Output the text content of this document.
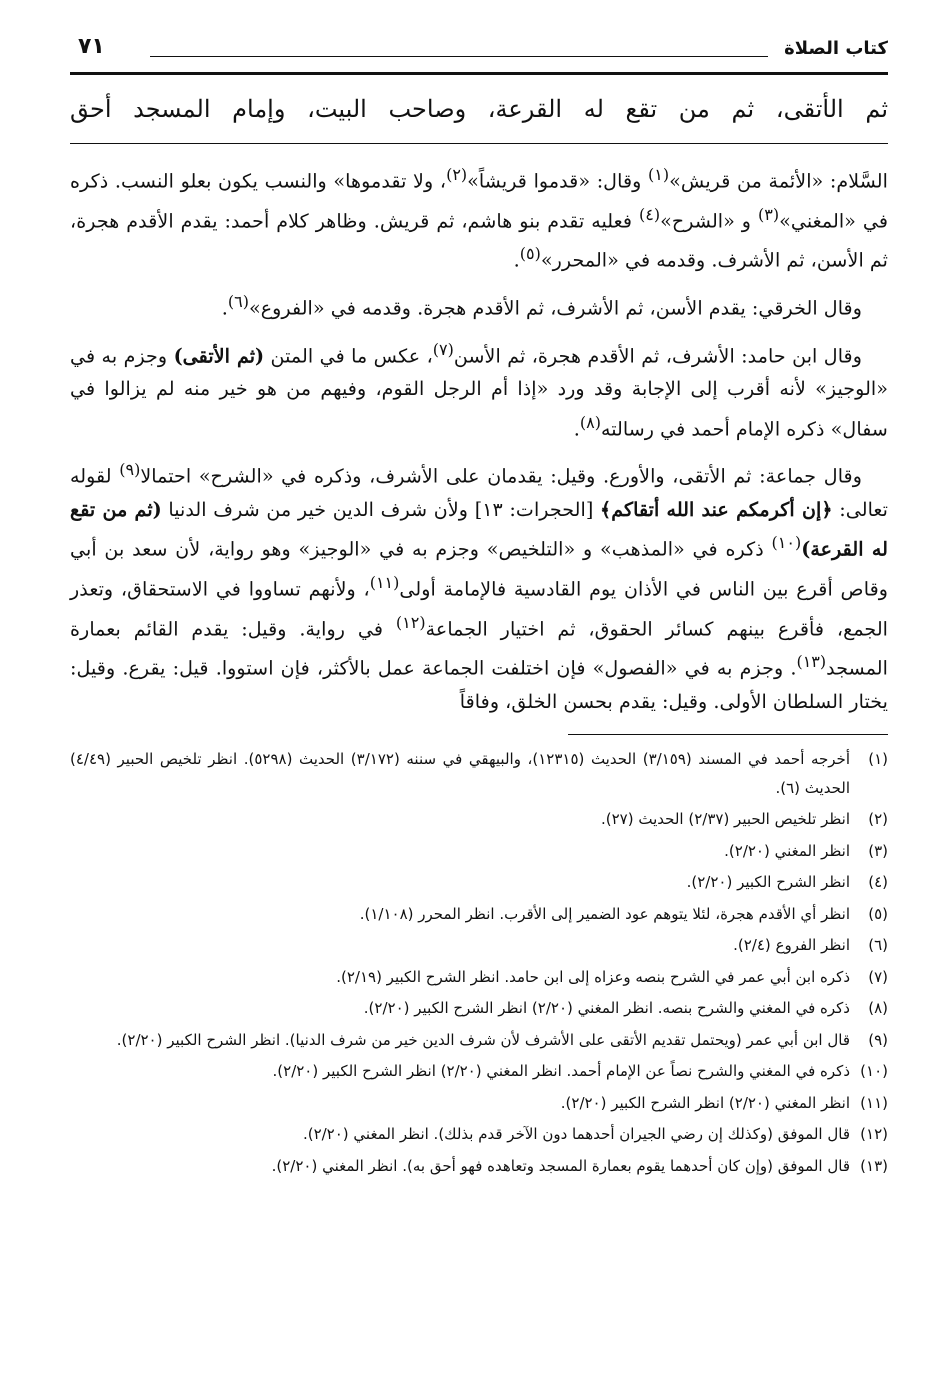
كتاب الصلاة
٧١
ثم الأتقى، ثم من تقع له القرعة، وصاحب البيت، وإمام المسجد أحق

السَّلام: «الأئمة من قريش»$^{(١)}$ وقال: «قدموا قريشاً»$^{(٢)}$، ولا تقدموها» والنسب يكون بعلو النسب. ذكره في «المغني»$^{(٣)}$ و «الشرح»$^{(٤)}$ فعليه تقدم بنو هاشم، ثم قريش. وظاهر كلام أحمد: يقدم الأقدم هجرة، ثم الأسن، ثم الأشرف. وقدمه في «المحرر»$^{(٥)}$.

وقال الخرقي: يقدم الأسن، ثم الأشرف، ثم الأقدم هجرة. وقدمه في «الفروع»$^{(٦)}$.

وقال ابن حامد: الأشرف، ثم الأقدم هجرة، ثم الأسن$^{(٧)}$، عكس ما في المتن (ثم الأتقى) وجزم به في «الوجيز» لأنه أقرب إلى الإجابة وقد ورد «إذا أم الرجل القوم، وفيهم من هو خير منه لم يزالوا في سفال» ذكره الإمام أحمد في رسالته$^{(٨)}$.

وقال جماعة: ثم الأتقى، والأورع. وقيل: يقدمان على الأشرف، وذكره في «الشرح» احتمالا$^{(٩)}$ لقوله تعالى: ﴿إن أكرمكم عند الله أتقاكم﴾ [الحجرات: ١٣] ولأن شرف الدين خير من شرف الدنيا (ثم من تقع له القرعة)$^{(١٠)}$ ذكره في «المذهب» و «التلخيص» وجزم به في «الوجيز» وهو رواية، لأن سعد بن أبي وقاص أقرع بين الناس في الأذان يوم القادسية فالإمامة أولى$^{(١١)}$، ولأنهم تساووا في الاستحقاق، وتعذر الجمع، فأقرع بينهم كسائر الحقوق، ثم اختيار الجماعة$^{(١٢)}$ في رواية. وقيل: يقدم القائم بعمارة المسجد$^{(١٣)}$. وجزم به في «الفصول» فإن اختلفت الجماعة عمل بالأكثر، فإن استووا. قيل: يقرع. وقيل: يختار السلطان الأولى. وقيل: يقدم بحسن الخلق، وفاقاً

(١)
أخرجه أحمد في المسند (٣/١٥٩) الحديث (١٢٣١٥)، والبيهقي في سننه (٣/١٧٢) الحديث (٥٢٩٨). انظر تلخيص الحبير (٤/٤٩) الحديث (٦).
(٢)
انظر تلخيص الحبير (٢/٣٧) الحديث (٢٧).
(٣)
انظر المغني (٢/٢٠).
(٤)
انظر الشرح الكبير (٢/٢٠).
(٥)
انظر أي الأقدم هجرة، لئلا يتوهم عود الضمير إلى الأقرب. انظر المحرر (١/١٠٨).
(٦)
انظر الفروع (٢/٤).
(٧)
ذكره ابن أبي عمر في الشرح بنصه وعزاه إلى ابن حامد. انظر الشرح الكبير (٢/١٩).
(٨)
ذكره في المغني والشرح بنصه. انظر المغني (٢/٢٠) انظر الشرح الكبير (٢/٢٠).
(٩)
قال ابن أبي عمر (ويحتمل تقديم الأتقى على الأشرف لأن شرف الدين خير من شرف الدنيا). انظر الشرح الكبير (٢/٢٠).
(١٠)
ذكره في المغني والشرح نصاً عن الإمام أحمد. انظر المغني (٢/٢٠) انظر الشرح الكبير (٢/٢٠).
(١١)
انظر المغني (٢/٢٠) انظر الشرح الكبير (٢/٢٠).
(١٢)
قال الموفق (وكذلك إن رضي الجيران أحدهما دون الآخر قدم بذلك). انظر المغني (٢/٢٠).
(١٣)
قال الموفق (وإن كان أحدهما يقوم بعمارة المسجد وتعاهده فهو أحق به). انظر المغني (٢/٢٠).
